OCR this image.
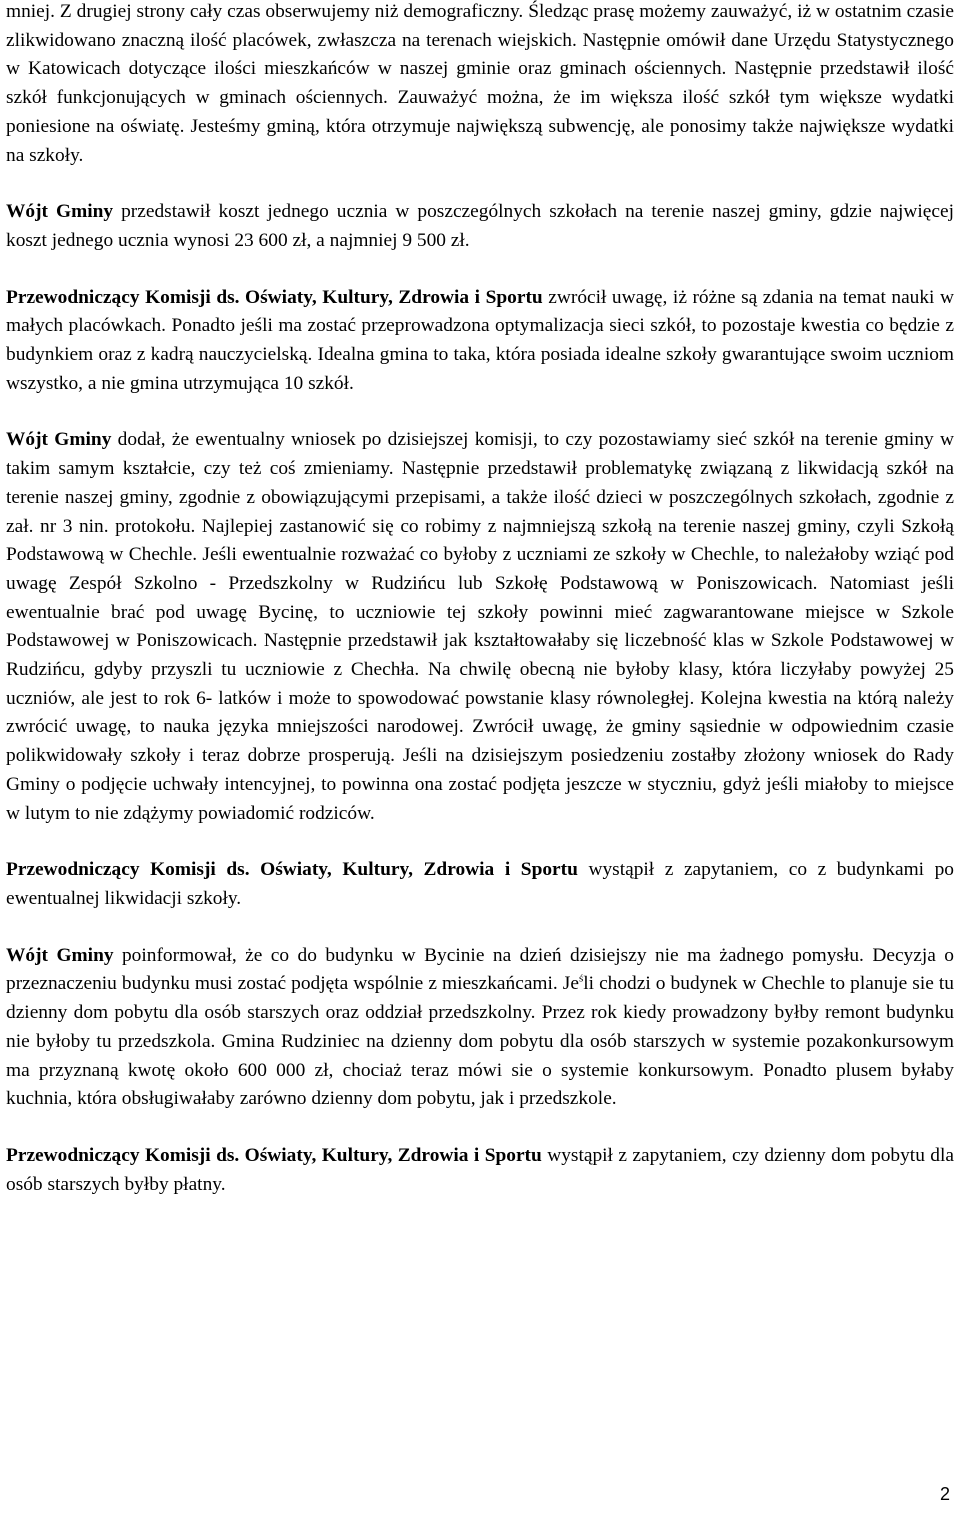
mniej. Z drugiej strony cały czas obserwujemy niż demograficzny. Śledząc prasę możemy zauważyć, iż w ostatnim czasie zlikwidowano znaczną ilość placówek, zwłaszcza na terenach wiejskich. Następnie omówił dane Urzędu Statystycznego w Katowicach dotyczące ilości mieszkańców w naszej gminie oraz gminach ościennych. Następnie przedstawił ilość szkół funkcjonujących w gminach ościennych. Zauważyć można, że im większa ilość szkół tym większe wydatki poniesione na oświatę. Jesteśmy gminą, która otrzymuje największą subwencję, ale ponosimy także największe wydatki na szkoły.

Wójt Gminy przedstawił koszt jednego ucznia w poszczególnych szkołach na terenie naszej gminy, gdzie najwięcej koszt jednego ucznia wynosi 23 600 zł, a najmniej 9 500 zł.

Przewodniczący Komisji ds. Oświaty, Kultury, Zdrowia i Sportu zwrócił uwagę, iż różne są zdania na temat nauki w małych placówkach. Ponadto jeśli ma zostać przeprowadzona optymalizacja sieci szkół, to pozostaje kwestia co będzie z budynkiem oraz z kadrą nauczycielską. Idealna gmina to taka, która posiada idealne szkoły gwarantujące swoim uczniom wszystko, a nie gmina utrzymująca 10 szkół.

Wójt Gminy dodał, że ewentualny wniosek po dzisiejszej komisji, to czy pozostawiamy sieć szkół na terenie gminy w takim samym kształcie, czy też coś zmieniamy. Następnie przedstawił problematykę związaną z likwidacją szkół na terenie naszej gminy, zgodnie z obowiązującymi przepisami, a także ilość dzieci w poszczególnych szkołach, zgodnie z zał. nr 3 nin. protokołu. Najlepiej zastanowić się co robimy z najmniejszą szkołą na terenie naszej gminy, czyli Szkołą Podstawową w Chechle. Jeśli ewentualnie rozważać co byłoby z uczniami ze szkoły w Chechle, to należałoby wziąć pod uwagę Zespół Szkolno - Przedszkolny w Rudzińcu lub Szkołę Podstawową w Poniszowicach. Natomiast jeśli ewentualnie brać pod uwagę Bycinę, to uczniowie tej szkoły powinni mieć zagwarantowane miejsce w Szkole Podstawowej w Poniszowicach. Następnie przedstawił jak kształtowałaby się liczebność klas w Szkole Podstawowej w Rudzińcu, gdyby przyszli tu uczniowie z Chechła. Na chwilę obecną nie byłoby klasy, która liczyłaby powyżej 25 uczniów, ale jest to rok 6- latków i może to spowodować powstanie klasy równoległej. Kolejna kwestia na którą należy zwrócić uwagę, to nauka języka mniejszości narodowej. Zwrócił uwagę, że gminy sąsiednie w odpowiednim czasie polikwidowały szkoły i teraz dobrze prosperują. Jeśli na dzisiejszym posiedzeniu zostałby złożony wniosek do Rady Gminy o podjęcie uchwały intencyjnej, to powinna ona zostać podjęta jeszcze w styczniu, gdyż jeśli miałoby to miejsce w lutym to nie zdążymy powiadomić rodziców.

Przewodniczący Komisji ds. Oświaty, Kultury, Zdrowia i Sportu wystąpił z zapytaniem, co z budynkami po ewentualnej likwidacji szkoły.

Wójt Gminy poinformował, że co do budynku w Bycinie na dzień dzisiejszy nie ma żadnego pomysłu. Decyzja o przeznaczeniu budynku musi zostać podjęta wspólnie z mieszkańcami. $Je^śli$ chodzi o budynek w Chechle to planuje sie tu dzienny dom pobytu dla osób starszych oraz oddział przedszkolny. Przez rok kiedy prowadzony byłby remont budynku nie byłoby tu przedszkola. Gmina Rudziniec na dzienny dom pobytu dla osób starszych w systemie pozakonkursowym ma przyznaną kwotę około 600 000 zł, chociaż teraz mówi sie o systemie konkursowym. Ponadto plusem byłaby kuchnia, która obsługiwałaby zarówno dzienny dom pobytu, jak i przedszkole.

Przewodniczący Komisji ds. Oświaty, Kultury, Zdrowia i Sportu wystąpił z zapytaniem, czy dzienny dom pobytu dla osób starszych byłby płatny.

2
